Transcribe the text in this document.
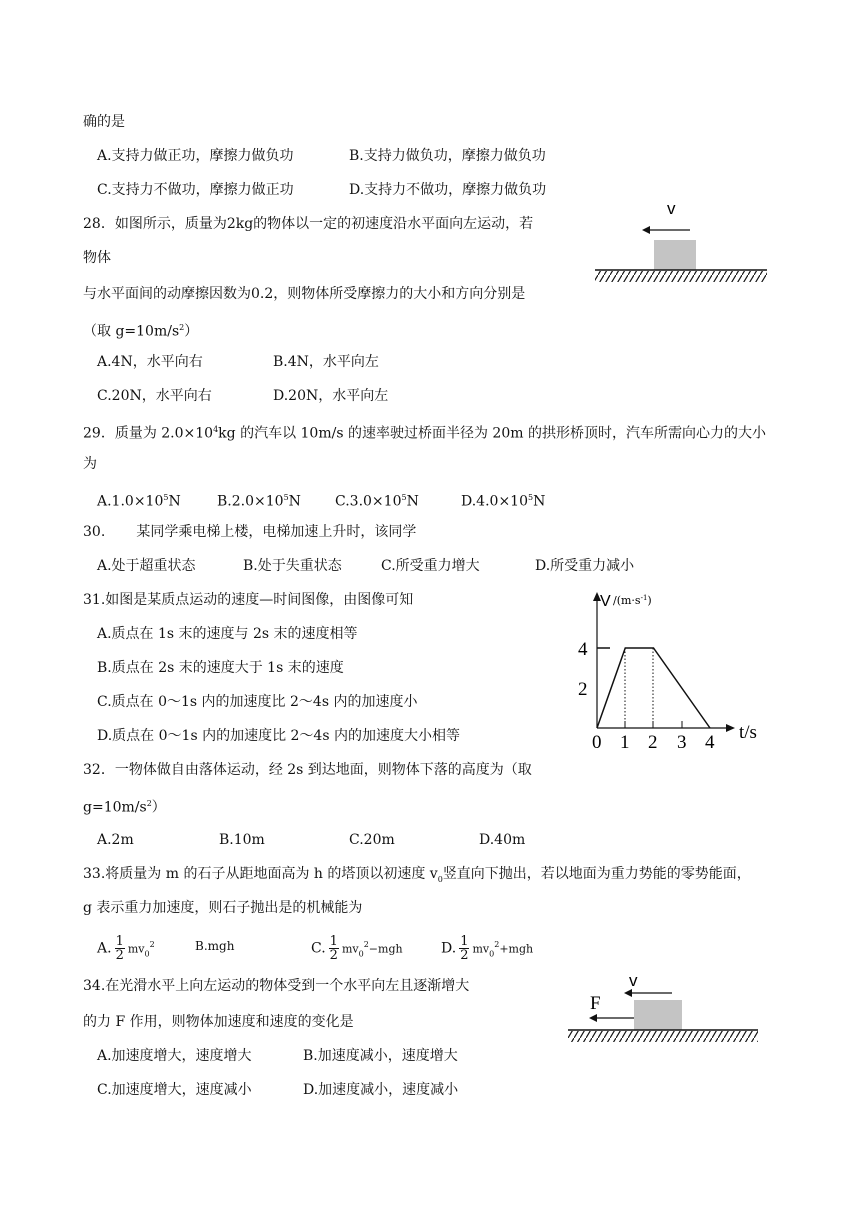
确的是
A.支持力做正功，摩擦力做负功	B.支持力做负功，摩擦力做负功
C.支持力不做功，摩擦力做正功	D.支持力不做功，摩擦力做负功
28．如图所示，质量为2kg的物体以一定的初速度沿水平面向左运动，若
物体
与水平面间的动摩擦因数为0.2，则物体所受摩擦力的大小和方向分别是
（取 $g=10m/s^2$）
A.4N，水平向右	B.4N，水平向左
C.20N，水平向右	D.20N，水平向左
v
29．质量为 $2.0\times 10^4kg$ 的汽车以 10m/s 的速率驶过桥面半径为 20m 的拱形桥顶时，汽车所需向心力的大小
为
$A.1.0\times 10^5N$	$B.2.0\times 10^5N$ $C.3.0\times 10^5N$	$D.4.0\times 10^5N$
30.       某同学乘电梯上楼，电梯加速上升时，该同学
A.处于超重状态	B.处于失重状态	C.所受重力增大	D.所受重力减小
31.如图是某质点运动的速度—时间图像，由图像可知
A.质点在 1s 末的速度与 2s 末的速度相等
B.质点在 2s 末的速度大于 1s 末的速度
C.质点在 0～1s 内的加速度比 2～4s 内的加速度小
D.质点在 0～1s 内的加速度比 2～4s 内的加速度大小相等
V $/(m\cdot s^{-1})$
4
2
0 1 2 3 4 t/s
32．一物体做自由落体运动，经 2s 到达地面，则物体下落的高度为（取
$g=10m/s^2$）
A.2m	B.10m	C.20m	D.40m
33.将质量为 m 的石子从距地面高为 h 的塔顶以初速度 $v_0$竖直向下抛出，若以地面为重力势能的零势能面，
g 表示重力加速度，则石子抛出是的机械能为
A. $\frac{1}{2} mv_0^2$	B.mgh	C. $\frac{1}{2} mv_0^2-mgh$	D. $\frac{1}{2} mv_0^2+mgh$
34.在光滑水平上向左运动的物体受到一个水平向左且逐渐增大
的力 F 作用，则物体加速度和速度的变化是
A.加速度增大，速度增大	B.加速度减小，速度增大
C.加速度增大，速度减小	D.加速度减小，速度减小
v
F
